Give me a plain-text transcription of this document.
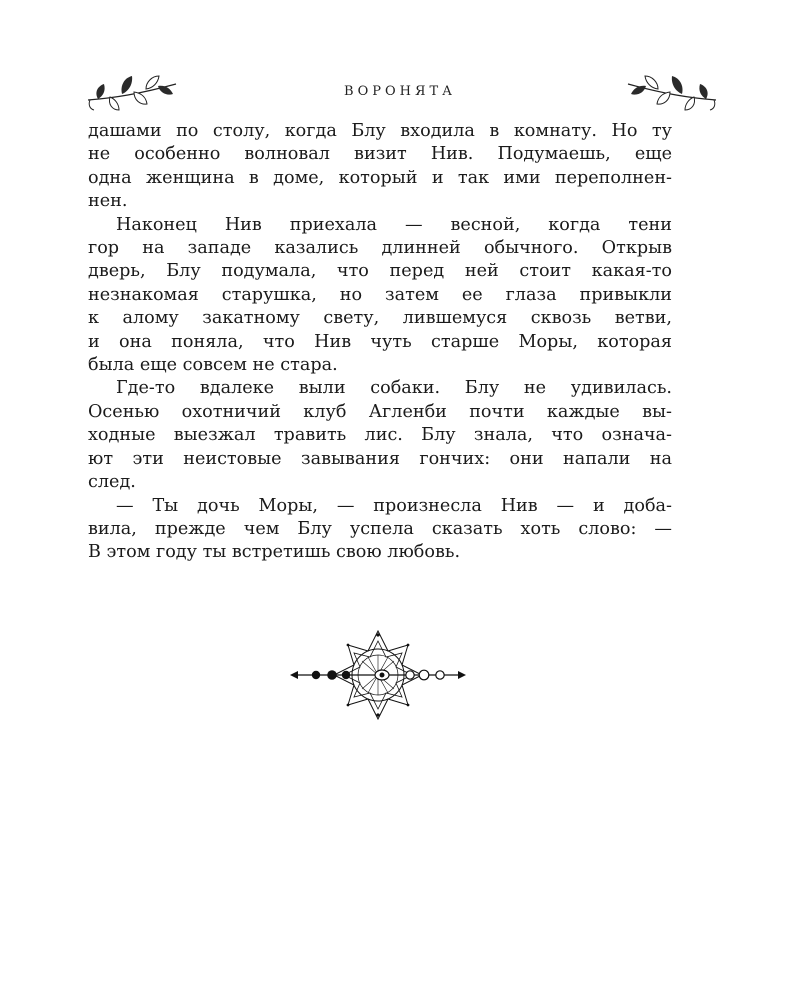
ВОРОНЯТА

дашами по столу, когда Блу входила в комнату. Но ту
не особенно волновал визит Нив. Подумаешь, еще
одна женщина в доме, который и так ими переполнен-
нен.

Наконец Нив приехала — весной, когда тени
гор на западе казались длинней обычного. Открыв
дверь, Блу подумала, что перед ней стоит какая-то
незнакомая старушка, но затем ее глаза привыкли
к алому закатному свету, лившемуся сквозь ветви,
и она поняла, что Нив чуть старше Моры, которая
была еще совсем не стара.

Где-то вдалеке выли собаки. Блу не удивилась.
Осенью охотничий клуб Агленби почти каждые вы-
ходные выезжал травить лис. Блу знала, что означа-
ют эти неистовые завывания гончих: они напали на
след.

— Ты дочь Моры, — произнесла Нив — и доба-
вила, прежде чем Блу успела сказать хоть слово: —
В этом году ты встретишь свою любовь.
